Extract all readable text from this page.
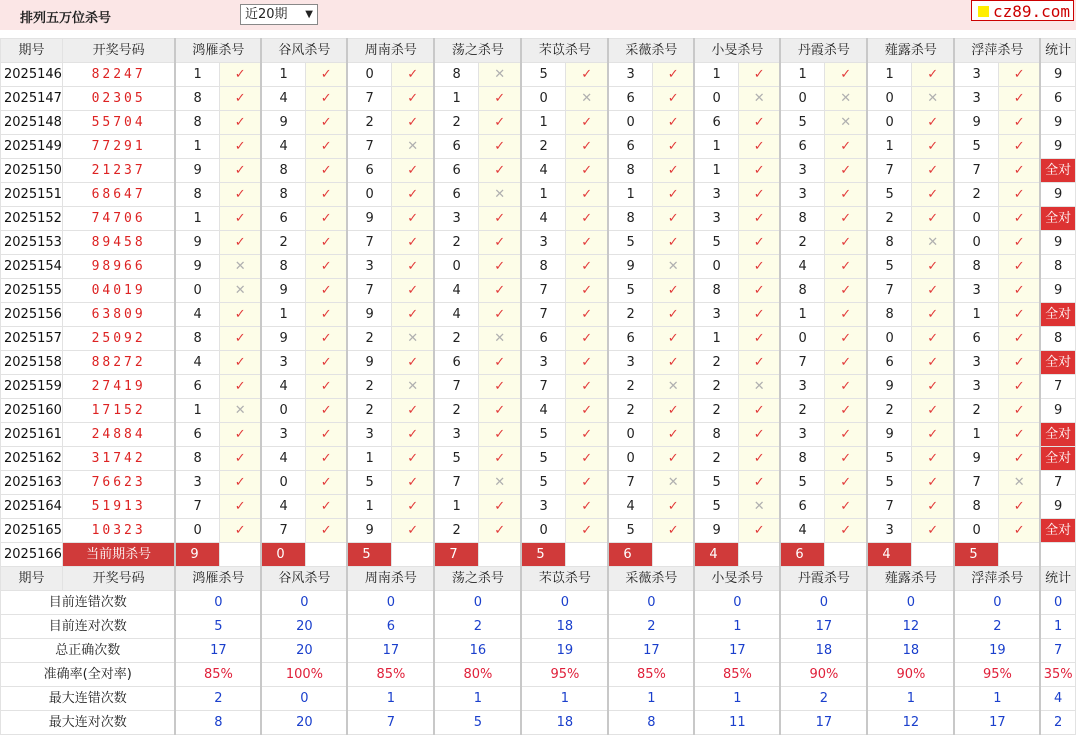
排列五万位杀号	近20期 ▼	cz89.com
期号	开奖号码	鸿雁杀号		谷风杀号		周南杀号		荡之杀号		芣苡杀号		采薇杀号		小旻杀号		丹霞杀号		薤露杀号		浮萍杀号		统计
2025146	82247	1	✓	1	✓	0	✓	8	✕	5	✓	3	✓	1	✓	1	✓	1	✓	3	✓	9
2025147	02305	8	✓	4	✓	7	✓	1	✓	0	✕	6	✓	0	✕	0	✕	0	✕	3	✓	6
2025148	55704	8	✓	9	✓	2	✓	2	✓	1	✓	0	✓	6	✓	5	✕	0	✓	9	✓	9
2025149	77291	1	✓	4	✓	7	✕	6	✓	2	✓	6	✓	1	✓	6	✓	1	✓	5	✓	9
2025150	21237	9	✓	8	✓	6	✓	6	✓	4	✓	8	✓	1	✓	3	✓	7	✓	7	✓	全对
2025151	68647	8	✓	8	✓	0	✓	6	✕	1	✓	1	✓	3	✓	3	✓	5	✓	2	✓	9
2025152	74706	1	✓	6	✓	9	✓	3	✓	4	✓	8	✓	3	✓	8	✓	2	✓	0	✓	全对
2025153	89458	9	✓	2	✓	7	✓	2	✓	3	✓	5	✓	5	✓	2	✓	8	✕	0	✓	9
2025154	98966	9	✕	8	✓	3	✓	0	✓	8	✓	9	✕	0	✓	4	✓	5	✓	8	✓	8
2025155	04019	0	✕	9	✓	7	✓	4	✓	7	✓	5	✓	8	✓	8	✓	7	✓	3	✓	9
2025156	63809	4	✓	1	✓	9	✓	4	✓	7	✓	2	✓	3	✓	1	✓	8	✓	1	✓	全对
2025157	25092	8	✓	9	✓	2	✕	2	✕	6	✓	6	✓	1	✓	0	✓	0	✓	6	✓	8
2025158	88272	4	✓	3	✓	9	✓	6	✓	3	✓	3	✓	2	✓	7	✓	6	✓	3	✓	全对
2025159	27419	6	✓	4	✓	2	✕	7	✓	7	✓	2	✕	2	✕	3	✓	9	✓	3	✓	7
2025160	17152	1	✕	0	✓	2	✓	2	✓	4	✓	2	✓	2	✓	2	✓	2	✓	2	✓	9
2025161	24884	6	✓	3	✓	3	✓	3	✓	5	✓	0	✓	8	✓	3	✓	9	✓	1	✓	全对
2025162	31742	8	✓	4	✓	1	✓	5	✓	5	✓	0	✓	2	✓	8	✓	5	✓	9	✓	全对
2025163	76623	3	✓	0	✓	5	✓	7	✕	5	✓	7	✕	5	✓	5	✓	5	✓	7	✕	7
2025164	51913	7	✓	4	✓	1	✓	1	✓	3	✓	4	✓	5	✕	6	✓	7	✓	8	✓	9
2025165	10323	0	✓	7	✓	9	✓	2	✓	0	✓	5	✓	9	✓	4	✓	3	✓	0	✓	全对
2025166	当前期杀号	9		0		5		7		5		6		4		6		4		5		
期号	开奖号码	鸿雁杀号		谷风杀号		周南杀号		荡之杀号		芣苡杀号		采薇杀号		小旻杀号		丹霞杀号		薤露杀号		浮萍杀号		统计
目前连错次数		0		0		0		0		0		0		0		0		0		0		0
目前连对次数		5		20		6		2		18		2		1		17		12		2		1
总正确次数		17		20		17		16		19		17		17		18		18		19		7
准确率(全对率)		85%		100%		85%		80%		95%		85%		85%		90%		90%		95%		35%
最大连错次数		2		0		1		1		1		1		1		2		1		1		4
最大连对次数		8		20		7		5		18		8		11		17		12		17		2
